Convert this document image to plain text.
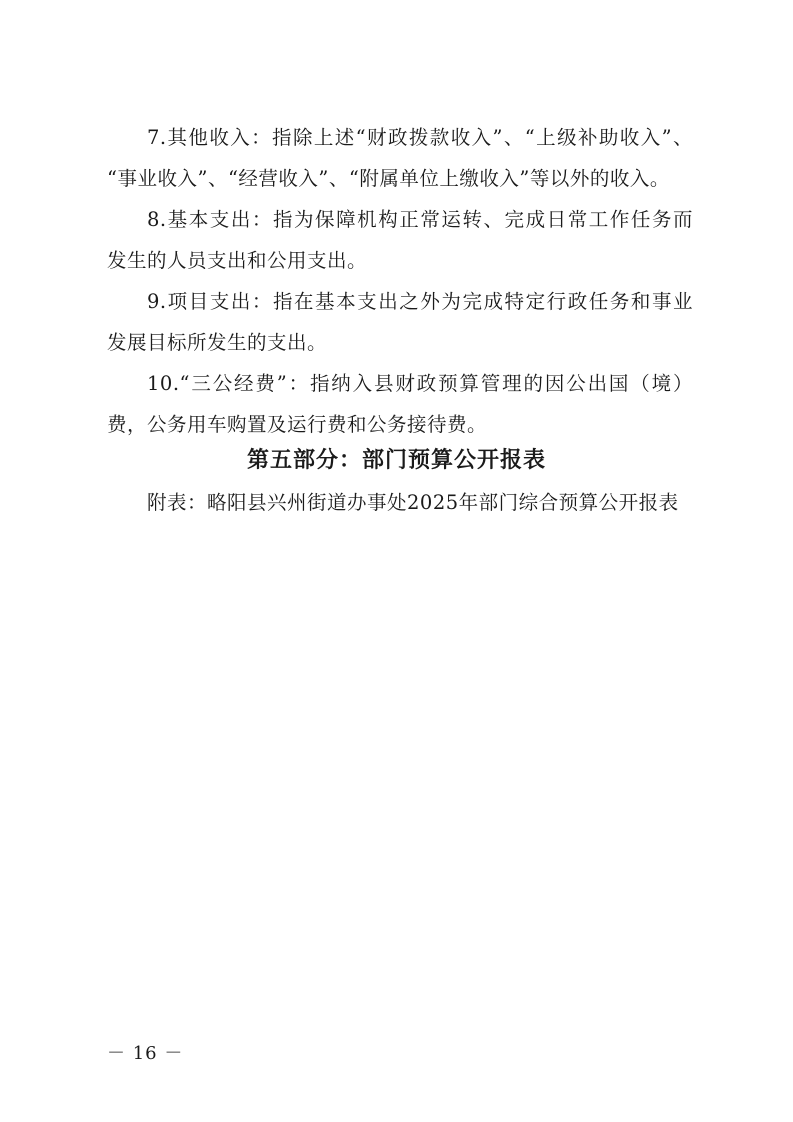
7.其他收入：指除上述“财政拨款收入”、“上级补助收入”、
“事业收入”、“经营收入”、“附属单位上缴收入”等以外的收入。
8.基本支出：指为保障机构正常运转、完成日常工作任务而
发生的人员支出和公用支出。
9.项目支出：指在基本支出之外为完成特定行政任务和事业
发展目标所发生的支出。
10.“三公经费”：指纳入县财政预算管理的因公出国（境）
费，公务用车购置及运行费和公务接待费。
第五部分：部门预算公开报表
附表：略阳县兴州街道办事处2025年部门综合预算公开报表
－ 16 －
